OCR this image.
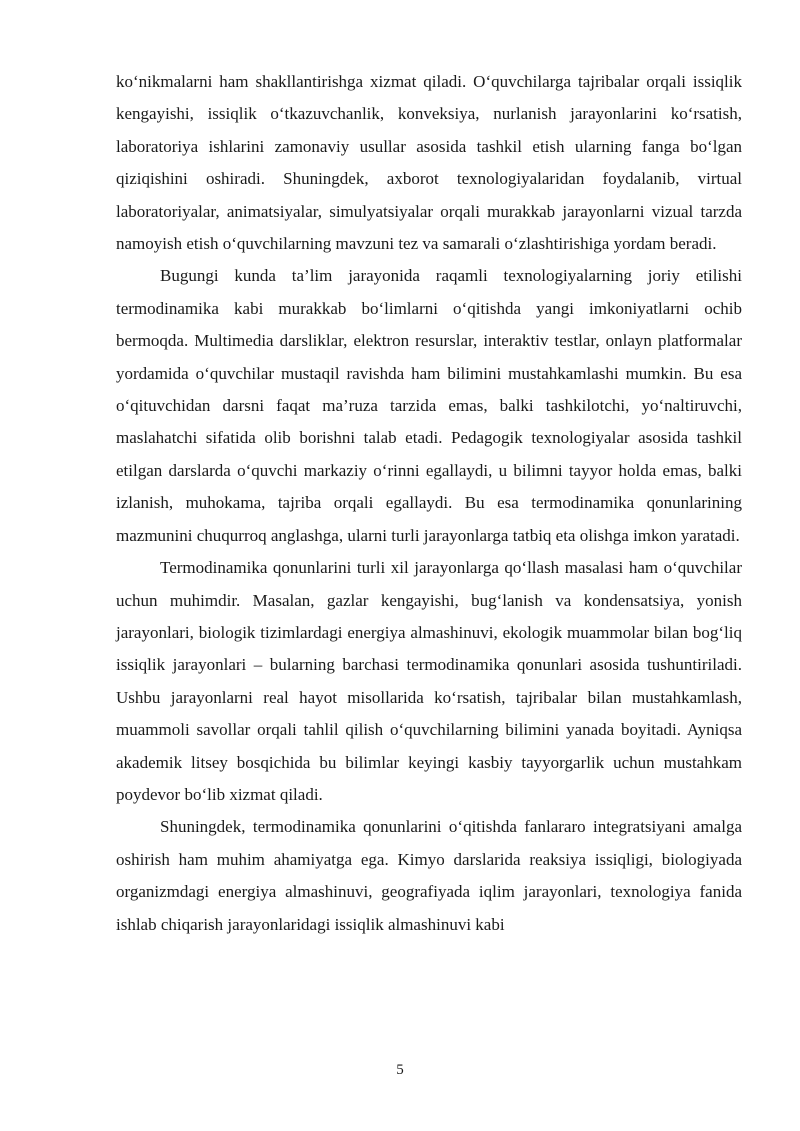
ko‘nikmalarni ham shakllantirishga xizmat qiladi. O‘quvchilarga tajribalar orqali issiqlik kengayishi, issiqlik o‘tkazuvchanlik, konveksiya, nurlanish jarayonlarini ko‘rsatish, laboratoriya ishlarini zamonaviy usullar asosida tashkil etish ularning fanga bo‘lgan qiziqishini oshiradi. Shuningdek, axborot texnologiyalaridan foydalanib, virtual laboratoriyalar, animatsiyalar, simulyatsiyalar orqali murakkab jarayonlarni vizual tarzda namoyish etish o‘quvchilarning mavzuni tez va samarali o‘zlashtirishiga yordam beradi.

Bugungi kunda ta’lim jarayonida raqamli texnologiyalarning joriy etilishi termodinamika kabi murakkab bo‘limlarni o‘qitishda yangi imkoniyatlarni ochib bermoqda. Multimedia darsliklar, elektron resurslar, interaktiv testlar, onlayn platformalar yordamida o‘quvchilar mustaqil ravishda ham bilimini mustahkamlashi mumkin. Bu esa o‘qituvchidan darsni faqat ma’ruza tarzida emas, balki tashkilotchi, yo‘naltiruvchi, maslahatchi sifatida olib borishni talab etadi. Pedagogik texnologiyalar asosida tashkil etilgan darslarda o‘quvchi markaziy o‘rinni egallaydi, u bilimni tayyor holda emas, balki izlanish, muhokama, tajriba orqali egallaydi. Bu esa termodinamika qonunlarining mazmunini chuqurroq anglashga, ularni turli jarayonlarga tatbiq eta olishga imkon yaratadi.

Termodinamika qonunlarini turli xil jarayonlarga qo‘llash masalasi ham o‘quvchilar uchun muhimdir. Masalan, gazlar kengayishi, bug‘lanish va kondensatsiya, yonish jarayonlari, biologik tizimlardagi energiya almashinuvi, ekologik muammolar bilan bog‘liq issiqlik jarayonlari – bularning barchasi termodinamika qonunlari asosida tushuntiriladi. Ushbu jarayonlarni real hayot misollarida ko‘rsatish, tajribalar bilan mustahkamlash, muammoli savollar orqali tahlil qilish o‘quvchilarning bilimini yanada boyitadi. Ayniqsa akademik litsey bosqichida bu bilimlar keyingi kasbiy tayyorgarlik uchun mustahkam poydevor bo‘lib xizmat qiladi.

Shuningdek, termodinamika qonunlarini o‘qitishda fanlararo integratsiyani amalga oshirish ham muhim ahamiyatga ega. Kimyo darslarida reaksiya issiqligi, biologiyada organizmdagi energiya almashinuvi, geografiyada iqlim jarayonlari, texnologiya fanida ishlab chiqarish jarayonlaridagi issiqlik almashinuvi kabi

5
